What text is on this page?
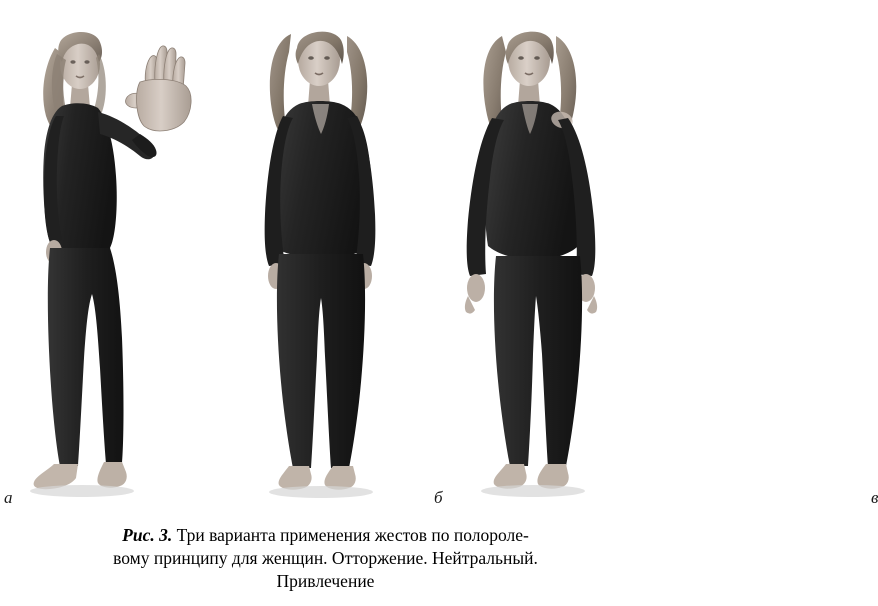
а	б	в
Рис. 3. Три варианта применения жестов по полороле-
вому принципу для женщин. Отторжение. Нейтральный.
Привлечение
